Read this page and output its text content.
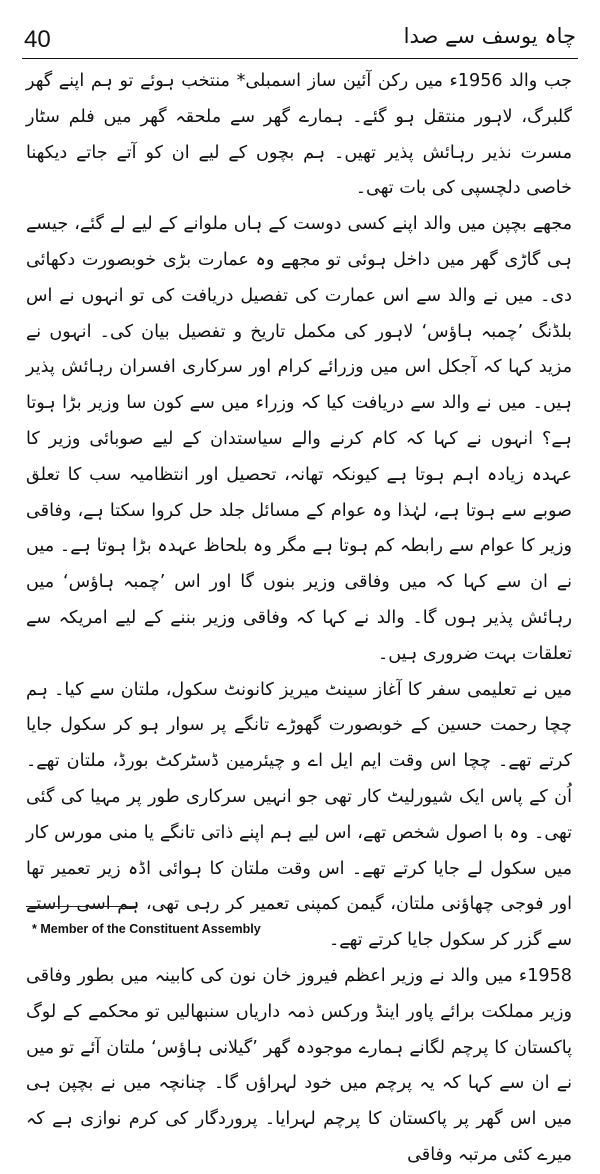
40	چاہ یوسف سے صدا

جب والد 1956ء میں رکن آئین ساز اسمبلی* منتخب ہوئے تو ہم اپنے گھر گلبرگ، لاہور منتقل ہو گئے۔ ہمارے گھر سے ملحقہ گھر میں فلم سٹار مسرت نذیر رہائش پذیر تھیں۔ ہم بچوں کے لیے ان کو آتے جاتے دیکھنا خاصی دلچسپی کی بات تھی۔

مجھے بچپن میں والد اپنے کسی دوست کے ہاں ملوانے کے لیے لے گئے، جیسے ہی گاڑی گھر میں داخل ہوئی تو مجھے وہ عمارت بڑی خوبصورت دکھائی دی۔ میں نے والد سے اس عمارت کی تفصیل دریافت کی تو انہوں نے اس بلڈنگ ’چمبہ ہاؤس‘ لاہور کی مکمل تاریخ و تفصیل بیان کی۔ انہوں نے مزید کہا کہ آجکل اس میں وزرائے کرام اور سرکاری افسران رہائش پذیر ہیں۔ میں نے والد سے دریافت کیا کہ وزراء میں سے کون سا وزیر بڑا ہوتا ہے؟ انہوں نے کہا کہ کام کرنے والے سیاستدان کے لیے صوبائی وزیر کا عہدہ زیادہ اہم ہوتا ہے کیونکہ تھانہ، تحصیل اور انتظامیہ سب کا تعلق صوبے سے ہوتا ہے، لہٰذا وہ عوام کے مسائل جلد حل کروا سکتا ہے، وفاقی وزیر کا عوام سے رابطہ کم ہوتا ہے مگر وہ بلحاظ عہدہ بڑا ہوتا ہے۔ میں نے ان سے کہا کہ میں وفاقی وزیر بنوں گا اور اس ’چمبہ ہاؤس‘ میں رہائش پذیر ہوں گا۔ والد نے کہا کہ وفاقی وزیر بننے کے لیے امریکہ سے تعلقات بہت ضروری ہیں۔

میں نے تعلیمی سفر کا آغاز سینٹ میریز کانونٹ سکول، ملتان سے کیا۔ ہم چچا رحمت حسین کے خوبصورت گھوڑے تانگے پر سوار ہو کر سکول جایا کرتے تھے۔ چچا اس وقت ایم ایل اے و چیئرمین ڈسٹرکٹ بورڈ، ملتان تھے۔ اُن کے پاس ایک شیورلیٹ کار تھی جو انہیں سرکاری طور پر مہیا کی گئی تھی۔ وہ با اصول شخص تھے، اس لیے ہم اپنے ذاتی تانگے یا منی مورس کار میں سکول لے جایا کرتے تھے۔ اس وقت ملتان کا ہوائی اڈہ زیر تعمیر تھا اور فوجی چھاؤنی ملتان، گیمن کمپنی تعمیر کر رہی تھی، ہم اسی راستے سے گزر کر سکول جایا کرتے تھے۔

1958ء میں والد نے وزیر اعظم فیروز خان نون کی کابینہ میں بطور وفاقی وزیر مملکت برائے پاور اینڈ ورکس ذمہ داریاں سنبھالیں تو محکمے کے لوگ پاکستان کا پرچم لگانے ہمارے موجودہ گھر ’گیلانی ہاؤس‘ ملتان آئے تو میں نے ان سے کہا کہ یہ پرچم میں خود لہراؤں گا۔ چنانچہ میں نے بچپن ہی میں اس گھر پر پاکستان کا پرچم لہرایا۔ پروردگار کی کرم نوازی ہے کہ میرے کئی مرتبہ وفاقی

* Member of the Constituent Assembly
